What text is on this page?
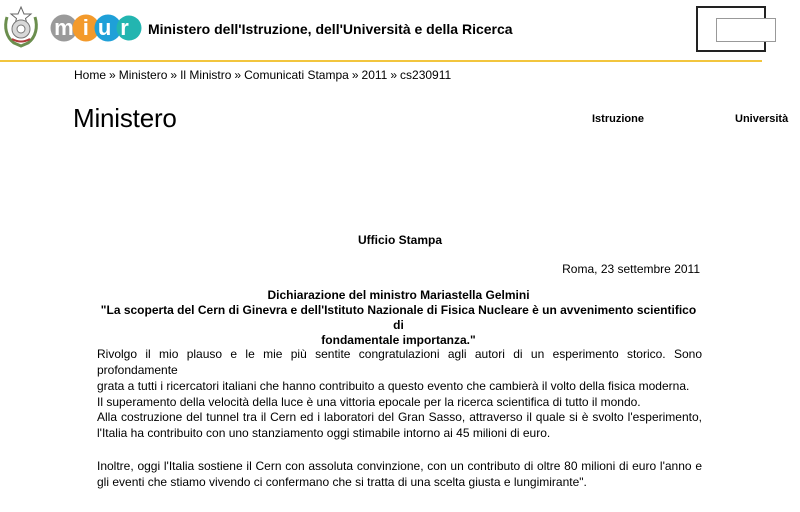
miur Ministero dell'Istruzione, dell'Università e della Ricerca
Home » Ministero » Il Ministro » Comunicati Stampa » 2011 » cs230911
Ministero	Istruzione	Università
Ufficio Stampa
Roma, 23 settembre 2011
Dichiarazione del ministro Mariastella Gelmini
"La scoperta del Cern di Ginevra e dell'Istituto Nazionale di Fisica Nucleare è un avvenimento scientifico di
fondamentale importanza."
Rivolgo il mio plauso e le mie più sentite congratulazioni agli autori di un esperimento storico. Sono profondamente
grata a tutti i ricercatori italiani che hanno contribuito a questo evento che cambierà il volto della fisica moderna.
Il superamento della velocità della luce è una vittoria epocale per la ricerca scientifica di tutto il mondo.
Alla costruzione del tunnel tra il Cern ed i laboratori del Gran Sasso, attraverso il quale si è svolto l'esperimento,
l'Italia ha contribuito con uno stanziamento oggi stimabile intorno ai 45 milioni di euro.
Inoltre, oggi l'Italia sostiene il Cern con assoluta convinzione, con un contributo di oltre 80 milioni di euro l'anno e
gli eventi che stiamo vivendo ci confermano che si tratta di una scelta giusta e lungimirante".
